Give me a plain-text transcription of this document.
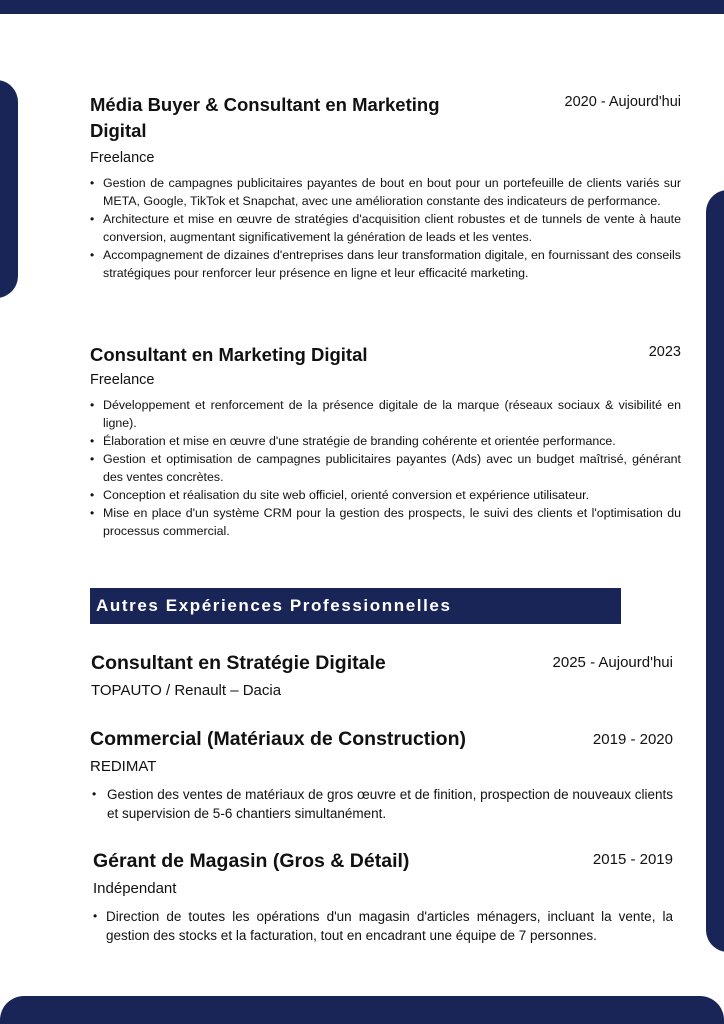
Média Buyer & Consultant en Marketing Digital
2020 - Aujourd'hui
Freelance
• Gestion de campagnes publicitaires payantes de bout en bout pour un portefeuille de clients variés sur META, Google, TikTok et Snapchat, avec une amélioration constante des indicateurs de performance.
• Architecture et mise en œuvre de stratégies d'acquisition client robustes et de tunnels de vente à haute conversion, augmentant significativement la génération de leads et les ventes.
• Accompagnement de dizaines d'entreprises dans leur transformation digitale, en fournissant des conseils stratégiques pour renforcer leur présence en ligne et leur efficacité marketing.
Consultant en Marketing Digital	2023
Freelance
• Développement et renforcement de la présence digitale de la marque (réseaux sociaux & visibilité en ligne).
• Élaboration et mise en œuvre d'une stratégie de branding cohérente et orientée performance.
• Gestion et optimisation de campagnes publicitaires payantes (Ads) avec un budget maîtrisé, générant des ventes concrètes.
• Conception et réalisation du site web officiel, orienté conversion et expérience utilisateur.
• Mise en place d'un système CRM pour la gestion des prospects, le suivi des clients et l'optimisation du processus commercial.
Autres Expériences Professionnelles
Consultant en Stratégie Digitale	2025 - Aujourd'hui
TOPAUTO / Renault – Dacia
Commercial (Matériaux de Construction)	2019 - 2020
REDIMAT
• Gestion des ventes de matériaux de gros œuvre et de finition, prospection de nouveaux clients et supervision de 5-6 chantiers simultanément.
Gérant de Magasin (Gros & Détail)	2015 - 2019
Indépendant
• Direction de toutes les opérations d'un magasin d'articles ménagers, incluant la vente, la gestion des stocks et la facturation, tout en encadrant une équipe de 7 personnes.
